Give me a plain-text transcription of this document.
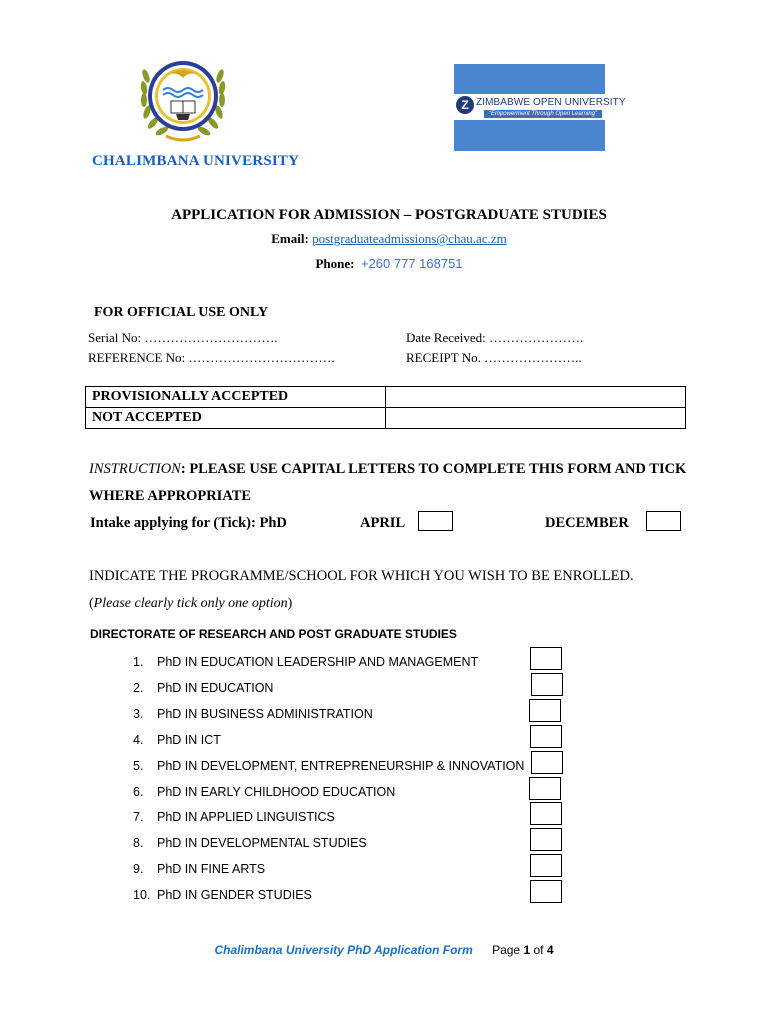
CHALIMBANA UNIVERSITY
Z ZIMBABWE OPEN UNIVERSITY
"Empowerment Through Open Learning"
APPLICATION FOR ADMISSION – POSTGRADUATE STUDIES
Email: postgraduateadmissions@chau.ac.zm
Phone: +260 777 168751
FOR OFFICIAL USE ONLY
Serial No: ………………………….	Date Received: ………………….
REFERENCE No: …………………………….	RECEIPT No. …………………..
PROVISIONALLY ACCEPTED	
NOT ACCEPTED	
INSTRUCTION: PLEASE USE CAPITAL LETTERS TO COMPLETE THIS FORM AND TICK WHERE APPROPRIATE
Intake applying for (Tick): PhD	APRIL	DECEMBER
INDICATE THE PROGRAMME/SCHOOL FOR WHICH YOU WISH TO BE ENROLLED.
(Please clearly tick only one option)
DIRECTORATE OF RESEARCH AND POST GRADUATE STUDIES
1. PhD IN EDUCATION LEADERSHIP AND MANAGEMENT
2. PhD IN EDUCATION
3. PhD IN BUSINESS ADMINISTRATION
4. PhD IN ICT
5. PhD IN DEVELOPMENT, ENTREPRENEURSHIP & INNOVATION
6. PhD IN EARLY CHILDHOOD EDUCATION
7. PhD IN APPLIED LINGUISTICS
8. PhD IN DEVELOPMENTAL STUDIES
9. PhD IN FINE ARTS
10. PhD IN GENDER STUDIES
Chalimbana University PhD Application Form Page 1 of 4
